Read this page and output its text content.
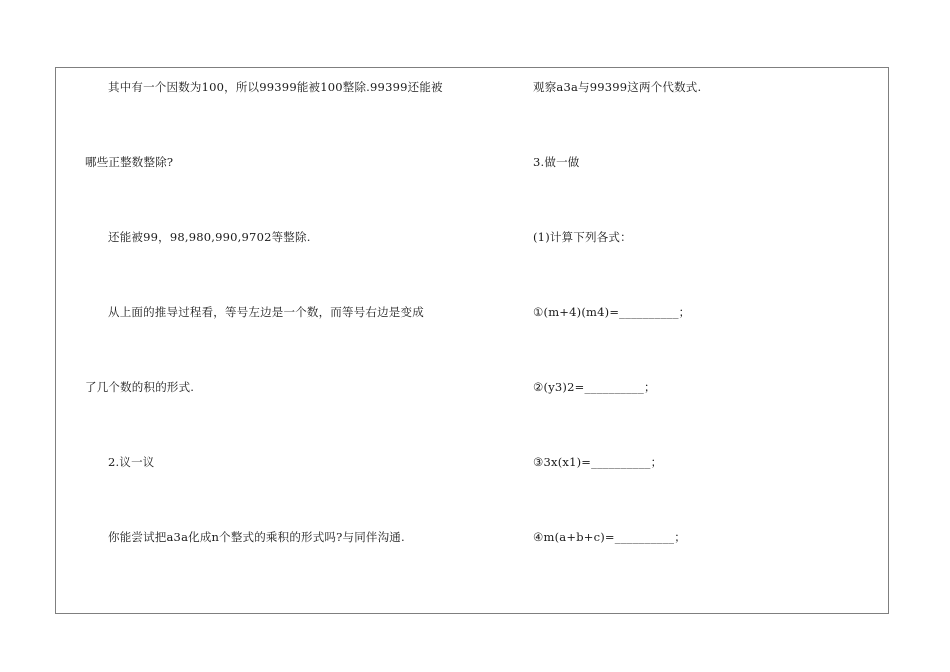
其中有一个因数为100，所以99399能被100整除.99399还能被
哪些正整数整除?
还能被99，98,980,990,9702等整除.
从上面的推导过程看，等号左边是一个数，而等号右边是变成
了几个数的积的形式.
2.议一议
你能尝试把a3a化成n个整式的乘积的形式吗?与同伴沟通.
观察a3a与99399这两个代数式.
3.做一做
(1)计算下列各式：
①(m+4)(m4)=__________；
②(y3)2=__________；
③3x(x1)=__________；
④m(a+b+c)=__________；
